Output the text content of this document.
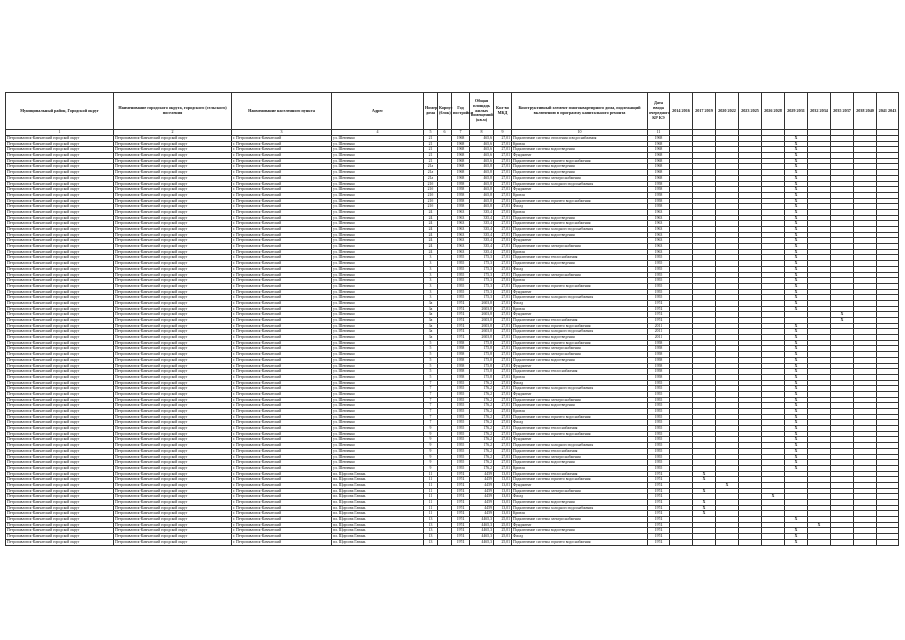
Муниципальный район, Городской округ	Наименование городского округа, городского (сельского) поселения	Наименование населенного пункта	Адрес	Номер дома	Корпус (блок)	Год постройки	Общая площадь жилых помещений (кв.м)	Кол-во МКД	Конструктивный элемент многоквартирного дома, подлежащий включению в программу капитального ремонта	Дата ввода очередного КР КЭ	2014 2016	2017 2019	2020 2022	2023 2025	2026 2028	2029 2031	2032 2034	2035 2037	2038 2040	2041 2043
1	2	3	4	5	6	7	8	9	10	11										
Петропавловск-Камчатский городской округ	Петропавловск-Камчатский городской округ	г. Петропавловск-Камчатский	ул. Шевченко	21		1968	465,6	27,01	Подключение системы отопления и водоснабжения	1968						X				
Петропавловск-Камчатский городской округ	Петропавловск-Камчатский городской округ	г. Петропавловск-Камчатский	ул. Шевченко	21		1968	465,6	27,01	Кровля	1968						X				
Петропавловск-Камчатский городской округ	Петропавловск-Камчатский городской округ	г. Петропавловск-Камчатский	ул. Шевченко	21		1968	465,6	27,01	Подключение системы водоотведения	1968						X				
Петропавловск-Камчатский городской округ	Петропавловск-Камчатский городской округ	г. Петропавловск-Камчатский	ул. Шевченко	21		1968	465,6	27,01	Фундамент	1968						X				
Петропавловск-Камчатский городской округ	Петропавловск-Камчатский городской округ	г. Петропавловск-Камчатский	ул. Шевченко	21		1968	465,6	27,01	Подключение системы горячего водоснабжения	1968						X				
Петропавловск-Камчатский городской округ	Петропавловск-Камчатский городской округ	г. Петропавловск-Камчатский	ул. Шевченко	21а		1968	465,8	27,01	Подключение системы водоотведения	1968						X				
Петропавловск-Камчатский городской округ	Петропавловск-Камчатский городской округ	г. Петропавловск-Камчатский	ул. Шевченко	21а		1968	465,8	27,01	Подключение системы водоотведения	1968						X				
Петропавловск-Камчатский городской округ	Петропавловск-Камчатский городской округ	г. Петропавловск-Камчатский	ул. Шевченко	21а		1968	465,8	27,01	Подключение системы электроснабжения	1968						X				
Петропавловск-Камчатский городской округ	Петропавловск-Камчатский городской округ	г. Петропавловск-Камчатский	ул. Шевченко	21б		1958	465,8	27,01	Подключение системы холодного водоснабжения	1958						X				
Петропавловск-Камчатский городской округ	Петропавловск-Камчатский городской округ	г. Петропавловск-Камчатский	ул. Шевченко	21б		1958	465,8	27,01	Фундамент	1958						X				
Петропавловск-Камчатский городской округ	Петропавловск-Камчатский городской округ	г. Петропавловск-Камчатский	ул. Шевченко	21б		1958	465,8	27,01	Кровля	1958						X				
Петропавловск-Камчатский городской округ	Петропавловск-Камчатский городской округ	г. Петропавловск-Камчатский	ул. Шевченко	21б		1958	465,8	27,01	Подключение системы горячего водоснабжения	1958						X				
Петропавловск-Камчатский городской округ	Петропавловск-Камчатский городской округ	г. Петропавловск-Камчатский	ул. Шевченко	21б		1958	465,8	27,01	Фасад	1958						X				
Петропавловск-Камчатский городской округ	Петропавловск-Камчатский городской округ	г. Петропавловск-Камчатский	ул. Шевченко	24		1963	335,4	27,01	Кровля	1963						X				
Петропавловск-Камчатский городской округ	Петропавловск-Камчатский городской округ	г. Петропавловск-Камчатский	ул. Шевченко	24		1963	335,4	27,01	Подключение системы водоотведения	1963						X				
Петропавловск-Камчатский городской округ	Петропавловск-Камчатский городской округ	г. Петропавловск-Камчатский	ул. Шевченко	24		1963	335,4	27,01	Подключение системы горячего водоснабжения	1963						X				
Петропавловск-Камчатский городской округ	Петропавловск-Камчатский городской округ	г. Петропавловск-Камчатский	ул. Шевченко	24		1963	335,4	27,01	Подключение системы холодного водоснабжения	1963						X				
Петропавловск-Камчатский городской округ	Петропавловск-Камчатский городской округ	г. Петропавловск-Камчатский	ул. Шевченко	24		1963	335,4	27,01	Подключение системы водоотведения	1963						X				
Петропавловск-Камчатский городской округ	Петропавловск-Камчатский городской округ	г. Петропавловск-Камчатский	ул. Шевченко	24		1963	335,4	27,01	Фундамент	1963						X				
Петропавловск-Камчатский городской округ	Петропавловск-Камчатский городской округ	г. Петропавловск-Камчатский	ул. Шевченко	24		1963	335,4	27,01	Подключение системы электроснабжения	1963						X				
Петропавловск-Камчатский городской округ	Петропавловск-Камчатский городской округ	г. Петропавловск-Камчатский	ул. Шевченко	24		1963	335,4	27,01	Кровля	1963						X				
Петропавловск-Камчатский городской округ	Петропавловск-Камчатский городской округ	г. Петропавловск-Камчатский	ул. Шевченко	3		1955	175,3	27,01	Подключение системы теплоснабжения	1955						X				
Петропавловск-Камчатский городской округ	Петропавловск-Камчатский городской округ	г. Петропавловск-Камчатский	ул. Шевченко	3		1955	175,3	27,01	Подключение системы водоотведения	1955						X				
Петропавловск-Камчатский городской округ	Петропавловск-Камчатский городской округ	г. Петропавловск-Камчатский	ул. Шевченко	3		1955	175,3	27,01	Фасад	1955						X				
Петропавловск-Камчатский городской округ	Петропавловск-Камчатский городской округ	г. Петропавловск-Камчатский	ул. Шевченко	3		1955	175,3	27,01	Подключение системы электроснабжения	1955						X				
Петропавловск-Камчатский городской округ	Петропавловск-Камчатский городской округ	г. Петропавловск-Камчатский	ул. Шевченко	3		1955	175,3	27,01	Кровля	1955						X				
Петропавловск-Камчатский городской округ	Петропавловск-Камчатский городской округ	г. Петропавловск-Камчатский	ул. Шевченко	3		1955	175,3	27,01	Подключение системы горячего водоснабжения	1955						X				
Петропавловск-Камчатский городской округ	Петропавловск-Камчатский городской округ	г. Петропавловск-Камчатский	ул. Шевченко	3		1955	175,3	27,01	Фундамент	1955						X				
Петропавловск-Камчатский городской округ	Петропавловск-Камчатский городской округ	г. Петропавловск-Камчатский	ул. Шевченко	3		1955	175,3	27,01	Подключение системы холодного водоснабжения	1955						X				
Петропавловск-Камчатский городской округ	Петропавловск-Камчатский городской округ	г. Петропавловск-Камчатский	ул. Шевченко	3а		1974	2603,8	27,01	Фасад	1974						X				
Петропавловск-Камчатский городской округ	Петропавловск-Камчатский городской округ	г. Петропавловск-Камчатский	ул. Шевченко	3а		1974	2603,8	27,01	Кровля	1974						X				
Петропавловск-Камчатский городской округ	Петропавловск-Камчатский городской округ	г. Петропавловск-Камчатский	ул. Шевченко	3а		1974	2603,8	27,01	Фундамент	1974								X		
Петропавловск-Камчатский городской округ	Петропавловск-Камчатский городской округ	г. Петропавловск-Камчатский	ул. Шевченко	3а		1974	2603,8	27,01	Подключение системы теплоснабжения	1974								X		
Петропавловск-Камчатский городской округ	Петропавловск-Камчатский городской округ	г. Петропавловск-Камчатский	ул. Шевченко	3а		1974	2603,8	27,01	Подключение системы горячего водоснабжения	2011						X				
Петропавловск-Камчатский городской округ	Петропавловск-Камчатский городской округ	г. Петропавловск-Камчатский	ул. Шевченко	3а		1974	2603,8	27,01	Подключение системы холодного водоснабжения	2011						X				
Петропавловск-Камчатский городской округ	Петропавловск-Камчатский городской округ	г. Петропавловск-Камчатский	ул. Шевченко	3а		1974	2603,8	27,01	Подключение системы водоотведения	2011						X				
Петропавловск-Камчатский городской округ	Петропавловск-Камчатский городской округ	г. Петропавловск-Камчатский	ул. Шевченко	5		1958	175,8	27,01	Подключение системы горячего водоснабжения	1958						X				
Петропавловск-Камчатский городской округ	Петропавловск-Камчатский городской округ	г. Петропавловск-Камчатский	ул. Шевченко	5		1958	175,8	27,01	Подключение системы электроснабжения	1958						X				
Петропавловск-Камчатский городской округ	Петропавловск-Камчатский городской округ	г. Петропавловск-Камчатский	ул. Шевченко	5		1958	175,8	27,01	Подключение системы электроснабжения	1958						X				
Петропавловск-Камчатский городской округ	Петропавловск-Камчатский городской округ	г. Петропавловск-Камчатский	ул. Шевченко	5		1958	175,8	27,01	Подключение системы водоотведения	1958						X				
Петропавловск-Камчатский городской округ	Петропавловск-Камчатский городской округ	г. Петропавловск-Камчатский	ул. Шевченко	5		1958	175,8	27,01	Фундамент	1958						X				
Петропавловск-Камчатский городской округ	Петропавловск-Камчатский городской округ	г. Петропавловск-Камчатский	ул. Шевченко	5		1958	175,8	27,01	Подключение системы теплоснабжения	1958						X				
Петропавловск-Камчатский городской округ	Петропавловск-Камчатский городской округ	г. Петропавловск-Камчатский	ул. Шевченко	5		1958	175,8	27,01	Кровля	1958						X				
Петропавловск-Камчатский городской округ	Петропавловск-Камчатский городской округ	г. Петропавловск-Камчатский	ул. Шевченко	7		1955	176,2	27,01	Фасад	1955						X				
Петропавловск-Камчатский городской округ	Петропавловск-Камчатский городской округ	г. Петропавловск-Камчатский	ул. Шевченко	7		1955	176,2	27,01	Подключение системы холодного водоснабжения	1955						X				
Петропавловск-Камчатский городской округ	Петропавловск-Камчатский городской округ	г. Петропавловск-Камчатский	ул. Шевченко	7		1955	176,2	27,01	Фундамент	1955						X				
Петропавловск-Камчатский городской округ	Петропавловск-Камчатский городской округ	г. Петропавловск-Камчатский	ул. Шевченко	7		1955	176,2	27,01	Подключение системы электроснабжения	1955						X				
Петропавловск-Камчатский городской округ	Петропавловск-Камчатский городской округ	г. Петропавловск-Камчатский	ул. Шевченко	7		1955	176,2	27,01	Подключение системы водоотведения	1955						X				
Петропавловск-Камчатский городской округ	Петропавловск-Камчатский городской округ	г. Петропавловск-Камчатский	ул. Шевченко	7		1955	176,2	27,01	Кровля	1955						X				
Петропавловск-Камчатский городской округ	Петропавловск-Камчатский городской округ	г. Петропавловск-Камчатский	ул. Шевченко	7		1955	176,2	27,01	Подключение системы горячего водоснабжения	1955						X				
Петропавловск-Камчатский городской округ	Петропавловск-Камчатский городской округ	г. Петропавловск-Камчатский	ул. Шевченко	7		1955	176,2	27,01	Фасад	1955						X				
Петропавловск-Камчатский городской округ	Петропавловск-Камчатский городской округ	г. Петропавловск-Камчатский	ул. Шевченко	9		1955	176,2	27,01	Подключение системы теплоснабжения	1955						X				
Петропавловск-Камчатский городской округ	Петропавловск-Камчатский городской округ	г. Петропавловск-Камчатский	ул. Шевченко	9		1955	176,2	27,01	Подключение системы горячего водоснабжения	1955						X				
Петропавловск-Камчатский городской округ	Петропавловск-Камчатский городской округ	г. Петропавловск-Камчатский	ул. Шевченко	9		1955	176,2	27,01	Фундамент	1955						X				
Петропавловск-Камчатский городской округ	Петропавловск-Камчатский городской округ	г. Петропавловск-Камчатский	ул. Шевченко	9		1955	176,2	27,01	Подключение системы холодного водоснабжения	1955						X				
Петропавловск-Камчатский городской округ	Петропавловск-Камчатский городской округ	г. Петропавловск-Камчатский	ул. Шевченко	9		1955	176,2	27,01	Подключение системы теплоснабжения	1955						X				
Петропавловск-Камчатский городской округ	Петропавловск-Камчатский городской округ	г. Петропавловск-Камчатский	ул. Шевченко	9		1955	176,2	27,01	Подключение системы электроснабжения	1955						X				
Петропавловск-Камчатский городской округ	Петропавловск-Камчатский городской округ	г. Петропавловск-Камчатский	ул. Шевченко	9		1955	176,2	27,01	Подключение системы водоотведения	1955						X				
Петропавловск-Камчатский городской округ	Петропавловск-Камчатский городской округ	г. Петропавловск-Камчатский	ул. Шевченко	9		1955	176,2	27,01	Кровля	1955						X				
Петропавловск-Камчатский городской округ	Петропавловск-Камчатский городской округ	г. Петропавловск-Камчатский	пл. Щорсова Гавань	11		1974	4459	13,01	Подключение системы теплоснабжения	1974		X								
Петропавловск-Камчатский городской округ	Петропавловск-Камчатский городской округ	г. Петропавловск-Камчатский	пл. Щорсова Гавань	11		1974	4459	13,01	Подключение системы горячего водоснабжения	1974		X								
Петропавловск-Камчатский городской округ	Петропавловск-Камчатский городской округ	г. Петропавловск-Камчатский	пл. Щорсова Гавань	11		1974	4459	13,01	Фундамент	1974			X							
Петропавловск-Камчатский городской округ	Петропавловск-Камчатский городской округ	г. Петропавловск-Камчатский	пл. Щорсова Гавань	11		1974	4459	13,01	Подключение системы электроснабжения	1974		X								
Петропавловск-Камчатский городской округ	Петропавловск-Камчатский городской округ	г. Петропавловск-Камчатский	пл. Щорсова Гавань	11		1974	4459	13,01	Фасад	1974					X					
Петропавловск-Камчатский городской округ	Петропавловск-Камчатский городской округ	г. Петропавловск-Камчатский	пл. Щорсова Гавань	11		1974	4459	13,01	Подключение системы водоотведения	1974		X								
Петропавловск-Камчатский городской округ	Петропавловск-Камчатский городской округ	г. Петропавловск-Камчатский	пл. Щорсова Гавань	11		1974	4459	13,01	Подключение системы холодного водоснабжения	1974		X								
Петропавловск-Камчатский городской округ	Петропавловск-Камчатский городской округ	г. Петропавловск-Камчатский	пл. Щорсова Гавань	11		1974	4459	13,01	Кровля	1974		X								
Петропавловск-Камчатский городской округ	Петропавловск-Камчатский городской округ	г. Петропавловск-Камчатский	пл. Щорсова Гавань	13		1974	4465,3	25,01	Подключение системы электроснабжения	1974						X				
Петропавловск-Камчатский городской округ	Петропавловск-Камчатский городской округ	г. Петропавловск-Камчатский	пл. Щорсова Гавань	13		1974	4465,3	25,01	Фундамент	1974							X			
Петропавловск-Камчатский городской округ	Петропавловск-Камчатский городской округ	г. Петропавловск-Камчатский	пл. Щорсова Гавань	13		1974	4465,3	25,01	Подключение системы водоотведения	1974						X				
Петропавловск-Камчатский городской округ	Петропавловск-Камчатский городской округ	г. Петропавловск-Камчатский	пл. Щорсова Гавань	13		1974	4465,3	25,01	Фасад	1974						X				
Петропавловск-Камчатский городской округ	Петропавловск-Камчатский городской округ	г. Петропавловск-Камчатский	пл. Щорсова Гавань	13		1974	4465,3	25,01	Подключение системы горячего водоснабжения	1974						X				
